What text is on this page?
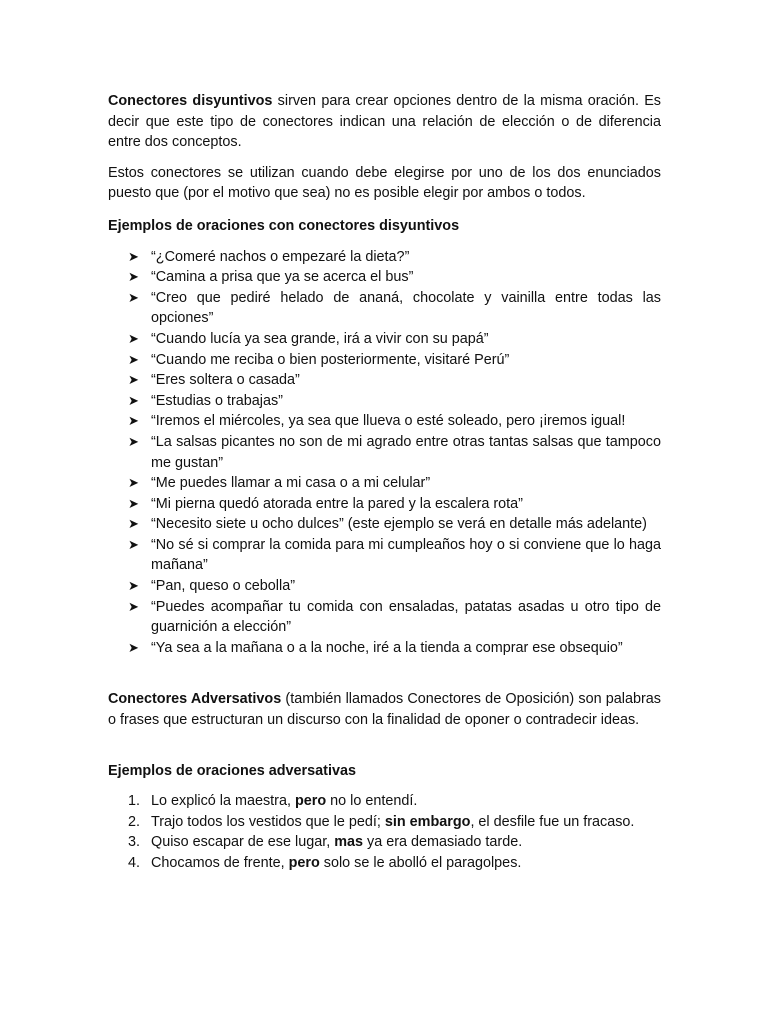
Conectores disyuntivos sirven para crear opciones dentro de la misma oración. Es decir que este tipo de conectores indican una relación de elección o de diferencia entre dos conceptos.

Estos conectores se utilizan cuando debe elegirse por uno de los dos enunciados puesto que (por el motivo que sea) no es posible elegir por ambos o todos.

Ejemplos de oraciones con conectores disyuntivos

➤ “¿Comeré nachos o empezaré la dieta?”
➤ “Camina a prisa que ya se acerca el bus”
➤ “Creo que pediré helado de ananá, chocolate y vainilla entre todas las opciones”
➤ “Cuando lucía ya sea grande, irá a vivir con su papá”
➤ “Cuando me reciba o bien posteriormente, visitaré Perú”
➤ “Eres soltera o casada”
➤ “Estudias o trabajas”
➤ “Iremos el miércoles, ya sea que llueva o esté soleado, pero ¡iremos igual!
➤ “La salsas picantes no son de mi agrado entre otras tantas salsas que tampoco me gustan”
➤ “Me puedes llamar a mi casa o a mi celular”
➤ “Mi pierna quedó atorada entre la pared y la escalera rota”
➤ “Necesito siete u ocho dulces” (este ejemplo se verá en detalle más adelante)
➤ “No sé si comprar la comida para mi cumpleaños hoy o si conviene que lo haga mañana”
➤ “Pan, queso o cebolla”
➤ “Puedes acompañar tu comida con ensaladas, patatas asadas u otro tipo de guarnición a elección”
➤ “Ya sea a la mañana o a la noche, iré a la tienda a comprar ese obsequio”

Conectores Adversativos (también llamados Conectores de Oposición) son palabras o frases que estructuran un discurso con la finalidad de oponer o contradecir ideas.

Ejemplos de oraciones adversativas

1. Lo explicó la maestra, pero no lo entendí.
2. Trajo todos los vestidos que le pedí; sin embargo, el desfile fue un fracaso.
3. Quiso escapar de ese lugar, mas ya era demasiado tarde.
4. Chocamos de frente, pero solo se le abolló el paragolpes.
